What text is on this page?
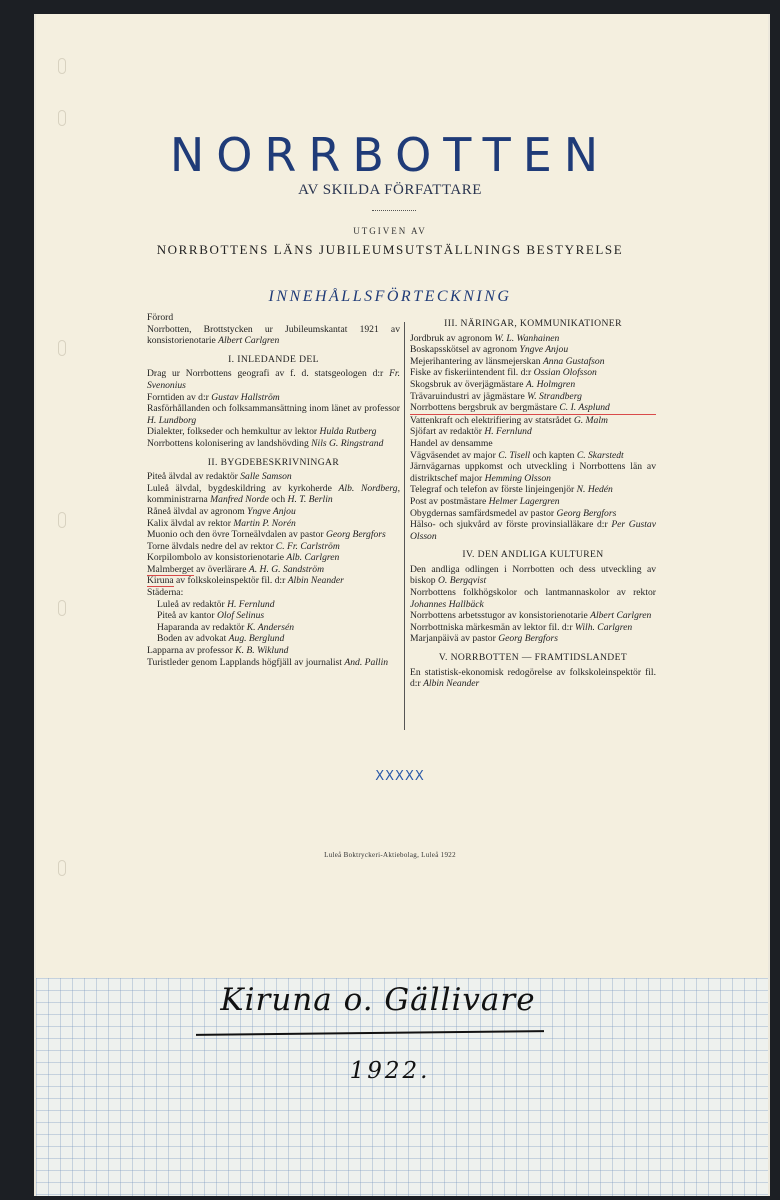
NORRBOTTEN
AV SKILDA FÖRFATTARE
UTGIVEN AV
NORRBOTTENS LÄNS JUBILEUMSUTSTÄLLNINGS BESTYRELSE
INNEHÅLLSFÖRTECKNING
Förord
Norrbotten, Brottstycken ur Jubileumskantat 1921 av konsistorienotarie Albert Carlgren
I. INLEDANDE DEL
Drag ur Norrbottens geografi av f. d. statsgeologen d:r Fr. Svenonius
Forntiden av d:r Gustav Hallström
Rasförhållanden och folksammansättning inom länet av professor H. Lundborg
Dialekter, folkseder och hemkultur av lektor Hulda Rutberg
Norrbottens kolonisering av landshövding Nils G. Ringstrand
II. BYGDEBESKRIVNINGAR
Piteå älvdal av redaktör Salle Samson
Luleå älvdal, bygdeskildring av kyrkoherde Alb. Nordberg, komministrarna Manfred Norde och H. T. Berlin
Råneå älvdal av agronom Yngve Anjou
Kalix älvdal av rektor Martin P. Norén
Muonio och den övre Torneälvdalen av pastor Georg Bergfors
Torne älvdals nedre del av rektor C. Fr. Carlström
Korpilombolo av konsistorienotarie Alb. Carlgren
Malmberget av överlärare A. H. G. Sandström
Kiruna av folkskoleinspektör fil. d:r Albin Neander
Städerna:
Luleå av redaktör H. Fernlund
Piteå av kantor Olof Selinus
Haparanda av redaktör K. Andersén
Boden av advokat Aug. Berglund
Lapparna av professor K. B. Wiklund
Turistleder genom Lapplands högfjäll av journalist And. Pallin
III. NÄRINGAR, KOMMUNIKATIONER
Jordbruk av agronom W. L. Wanhainen
Boskapsskötsel av agronom Yngve Anjou
Mejerihantering av länsmejerskan Anna Gustafson
Fiske av fiskeriintendent fil. d:r Ossian Olofsson
Skogsbruk av överjägmästare A. Holmgren
Trävaruindustri av jägmästare W. Strandberg
Norrbottens bergsbruk av bergmästare C. I. Asplund
Vattenkraft och elektrifiering av statsrådet G. Malm
Sjöfart av redaktör H. Fernlund
Handel av densamme
Vägväsendet av major C. Tisell och kapten C. Skarstedt
Järnvägarnas uppkomst och utveckling i Norrbottens län av distriktschef major Hemming Olsson
Telegraf och telefon av förste linjeingenjör N. Hedén
Post av postmästare Helmer Lagergren
Obygdernas samfärdsmedel av pastor Georg Bergfors
Hälso- och sjukvård av förste provinsialläkare d:r Per Gustav Olsson
IV. DEN ANDLIGA KULTUREN
Den andliga odlingen i Norrbotten och dess utveckling av biskop O. Bergqvist
Norrbottens folkhögskolor och lantmannaskolor av rektor Johannes Hallbäck
Norrbottens arbetsstugor av konsistorienotarie Albert Carlgren
Norrbottniska märkesmän av lektor fil. d:r Wilh. Carlgren
Marjanpäivä av pastor Georg Bergfors
V. NORRBOTTEN — FRAMTIDSLANDET
En statistisk-ekonomisk redogörelse av folkskoleinspektör fil. d:r Albin Neander
XXXXX
Luleå Boktryckeri-Aktiebolag, Luleå 1922
Kiruna o. Gällivare
1922.
